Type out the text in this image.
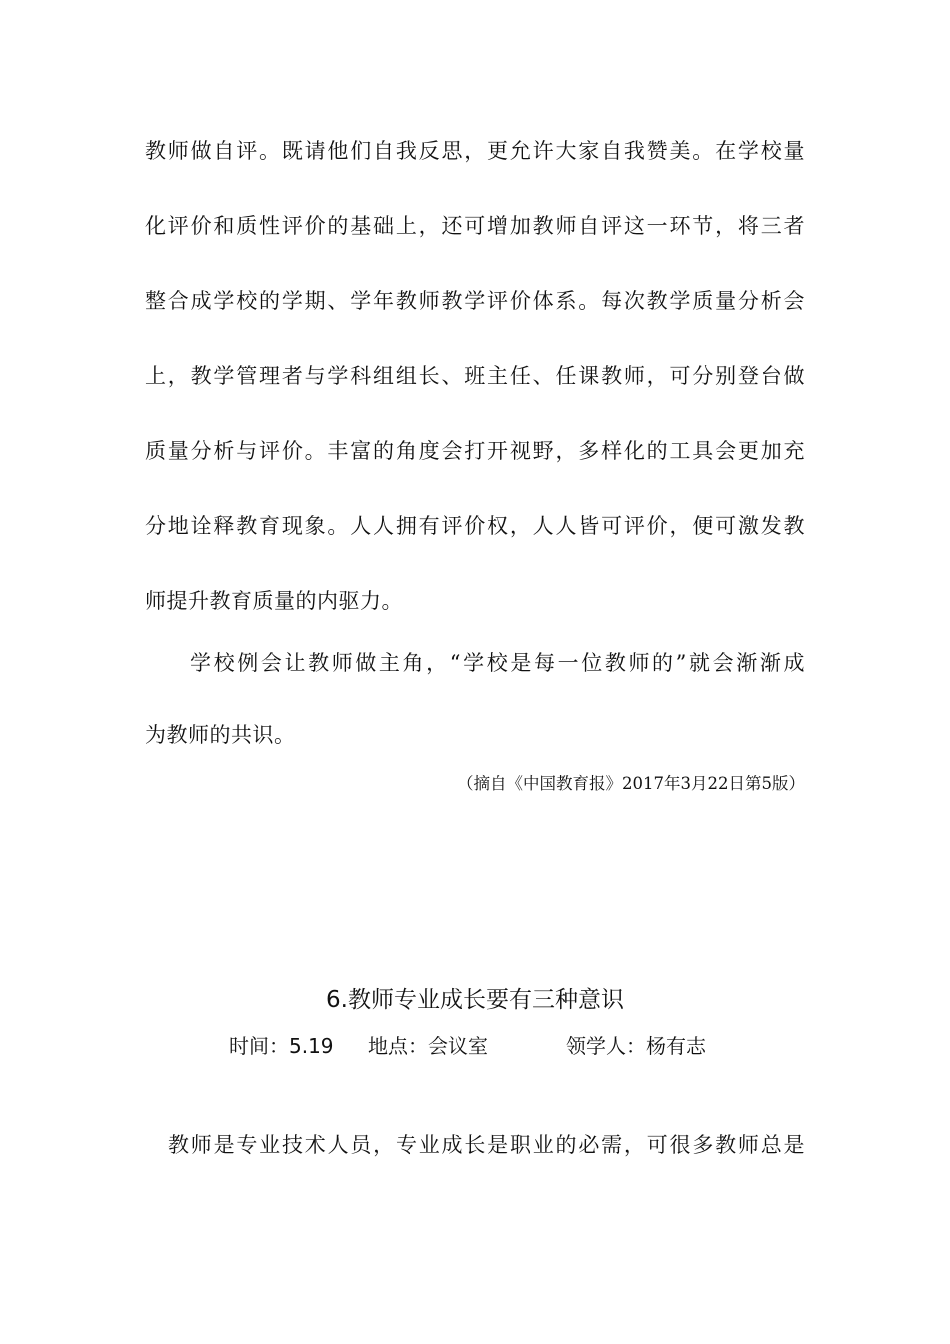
教师做自评。既请他们自我反思，更允许大家自我赞美。在学校量
化评价和质性评价的基础上，还可增加教师自评这一环节，将三者
整合成学校的学期、学年教师教学评价体系。每次教学质量分析会
上，教学管理者与学科组组长、班主任、任课教师，可分别登台做
质量分析与评价。丰富的角度会打开视野，多样化的工具会更加充
分地诠释教育现象。人人拥有评价权，人人皆可评价，便可激发教
师提升教育质量的内驱力。
学校例会让教师做主角，“学校是每一位教师的”就会渐渐成
为教师的共识。
（摘自《中国教育报》2017年3月22日第5版）
6.教师专业成长要有三种意识
时间：5.19 地点：会议室	领学人：杨有志
教师是专业技术人员，专业成长是职业的必需，可很多教师总是
